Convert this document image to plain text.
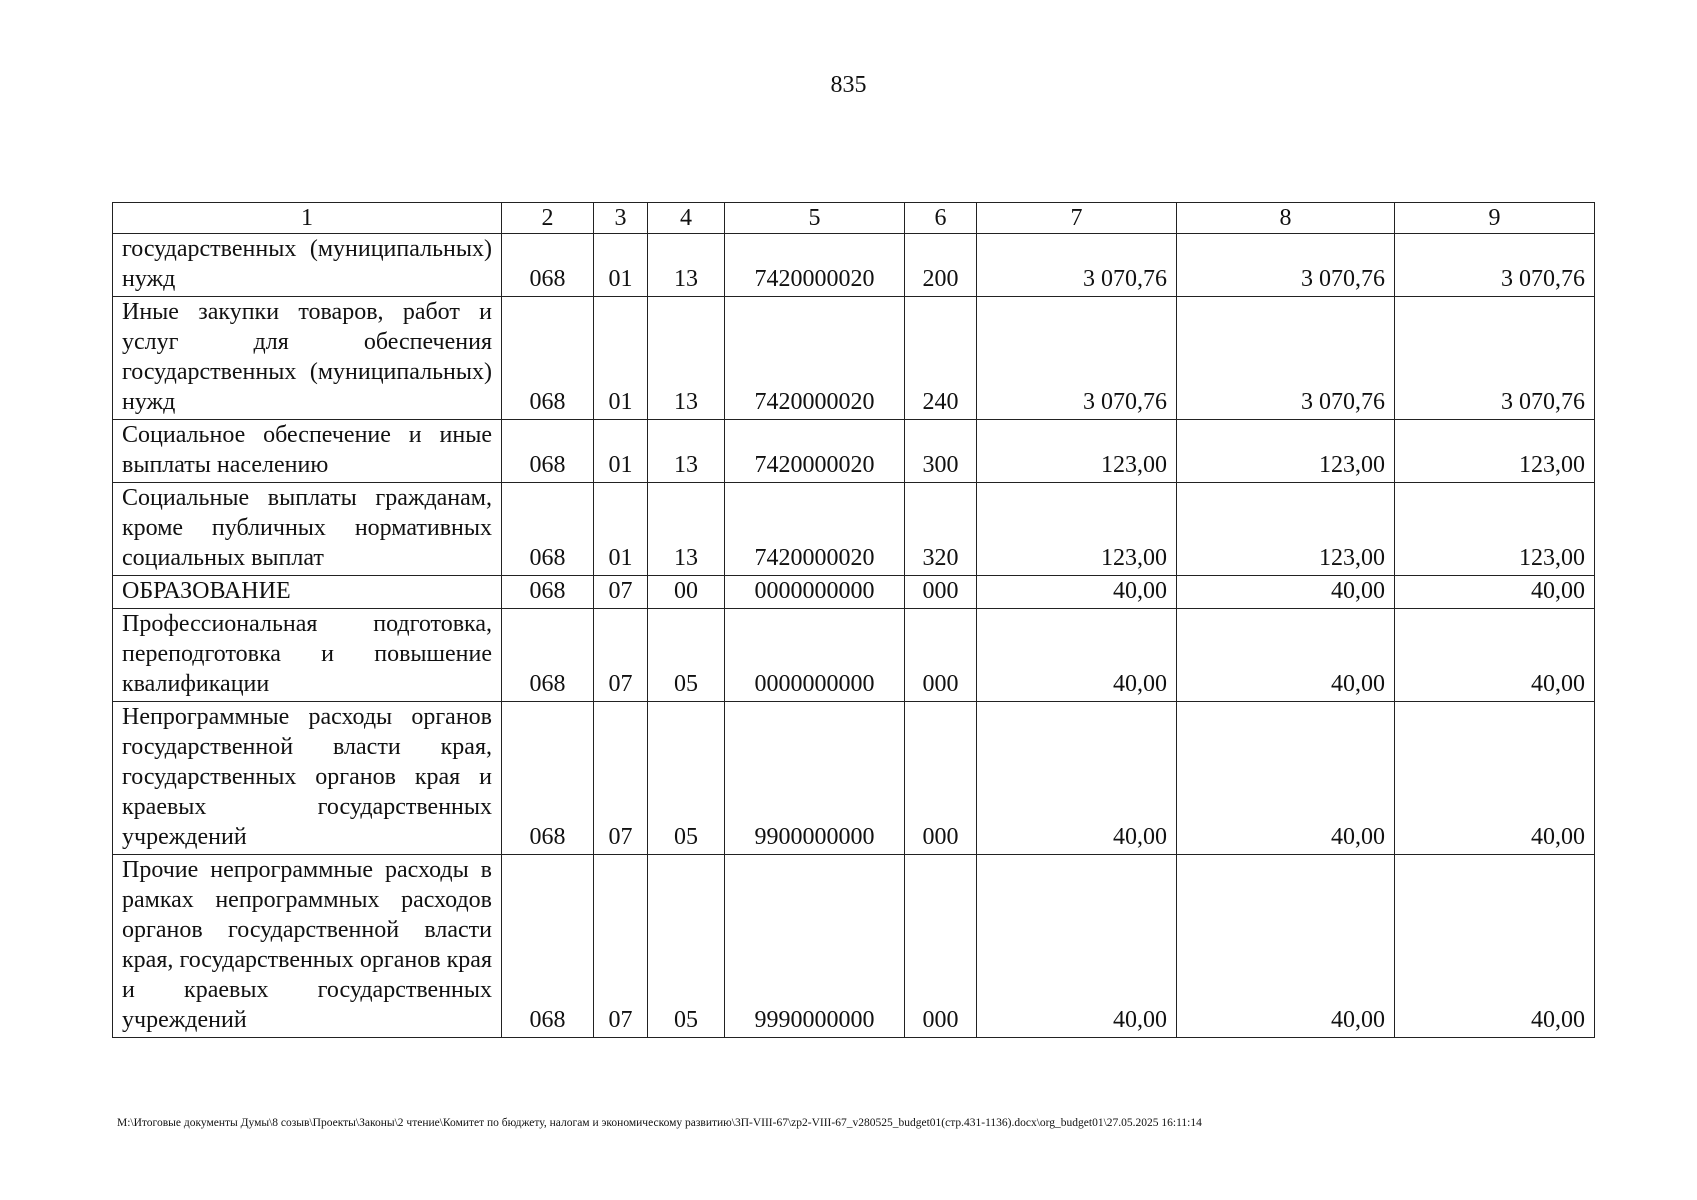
835
1	2	3	4	5	6	7	8	9
государственных (муниципальных) нужд	068	01	13	7420000020	200	3 070,76	3 070,76	3 070,76
Иные закупки товаров, работ и услуг для обеспечения государственных (муниципальных) нужд	068	01	13	7420000020	240	3 070,76	3 070,76	3 070,76
Социальное обеспечение и иные выплаты населению	068	01	13	7420000020	300	123,00	123,00	123,00
Социальные выплаты гражданам, кроме публичных нормативных социальных выплат	068	01	13	7420000020	320	123,00	123,00	123,00
ОБРАЗОВАНИЕ	068	07	00	0000000000	000	40,00	40,00	40,00
Профессиональная подготовка, переподготовка и повышение квалификации	068	07	05	0000000000	000	40,00	40,00	40,00
Непрограммные расходы органов государственной власти края, государственных органов края и краевых государственных учреждений	068	07	05	9900000000	000	40,00	40,00	40,00
Прочие непрограммные расходы в рамках непрограммных расходов органов государственной власти края, государственных органов края и краевых государственных учреждений	068	07	05	9990000000	000	40,00	40,00	40,00
M:\Итоговые документы Думы\8 созыв\Проекты\Законы\2 чтение\Комитет по бюджету, налогам и экономическому развитию\3П-VIII-67\zp2-VIII-67_v280525_budget01(стр.431-1136).docx\org_budget01\27.05.2025 16:11:14
